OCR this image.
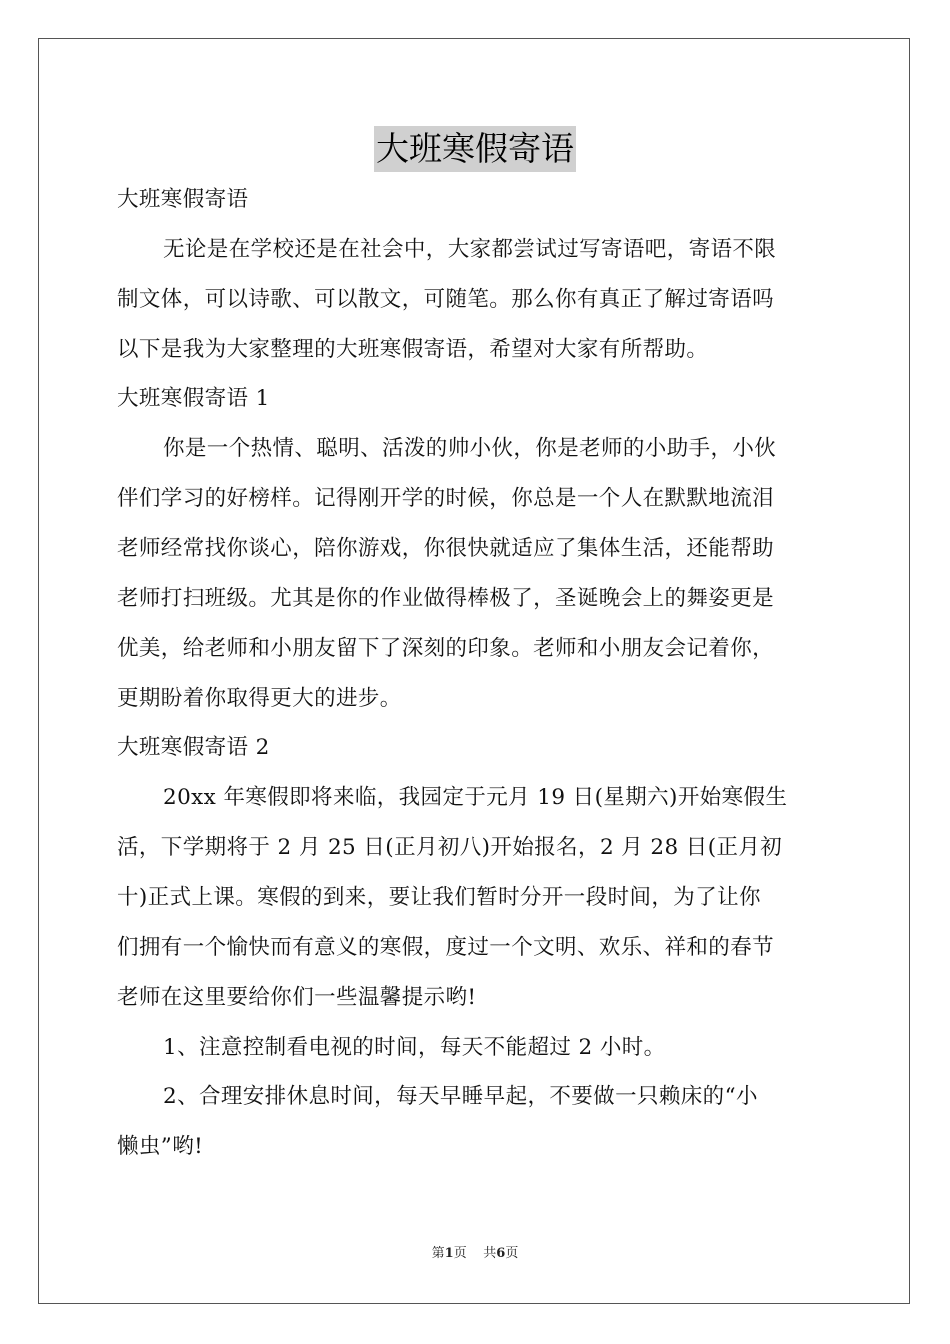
大班寒假寄语
大班寒假寄语
无论是在学校还是在社会中，大家都尝试过写寄语吧，寄语不限
制文体，可以诗歌、可以散文，可随笔。那么你有真正了解过寄语吗
以下是我为大家整理的大班寒假寄语，希望对大家有所帮助。
大班寒假寄语 1
你是一个热情、聪明、活泼的帅小伙，你是老师的小助手，小伙
伴们学习的好榜样。记得刚开学的时候，你总是一个人在默默地流泪
老师经常找你谈心，陪你游戏，你很快就适应了集体生活，还能帮助
老师打扫班级。尤其是你的作业做得棒极了，圣诞晚会上的舞姿更是
优美，给老师和小朋友留下了深刻的印象。老师和小朋友会记着你，
更期盼着你取得更大的进步。
大班寒假寄语 2
20xx 年寒假即将来临，我园定于元月 19 日(星期六)开始寒假生
活，下学期将于 2 月 25 日(正月初八)开始报名，2 月 28 日(正月初
十)正式上课。寒假的到来，要让我们暂时分开一段时间，为了让你
们拥有一个愉快而有意义的寒假，度过一个文明、欢乐、祥和的春节
老师在这里要给你们一些温馨提示哟!
1、注意控制看电视的时间，每天不能超过 2 小时。
2、合理安排休息时间，每天早睡早起，不要做一只赖床的“小
懒虫”哟!
第1页 共6页
